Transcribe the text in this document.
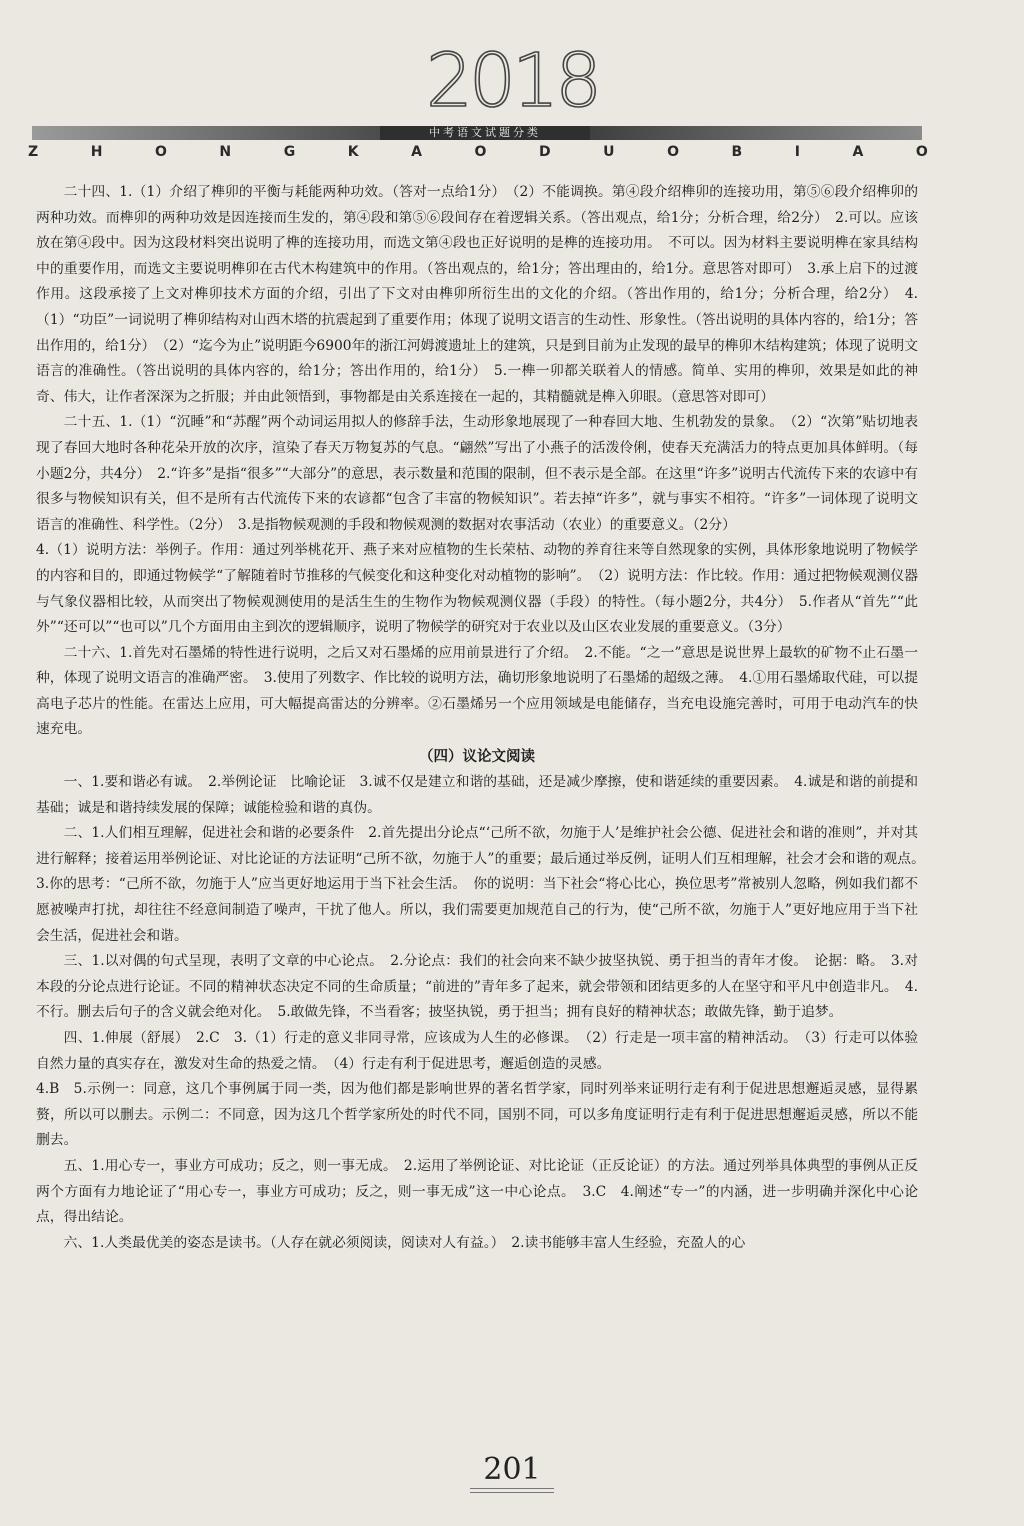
2018
中考语文试题分类
Z	H	O	N	G	K	A	O	D	U	O	B	I	A	O

二十四、1.（1）介绍了榫卯的平衡与耗能两种功效。（答对一点给1分）　（2）不能调换。第④段介绍榫卯的连接功用，第⑤⑥段介绍榫卯的两种功效。而榫卯的两种功效是因连接而生发的，第④段和第⑤⑥段间存在着逻辑关系。（答出观点，给1分；分析合理，给2分）　2.可以。应该放在第④段中。因为这段材料突出说明了榫的连接功用，而选文第④段也正好说明的是榫的连接功用。　不可以。因为材料主要说明榫在家具结构中的重要作用，而选文主要说明榫卯在古代木构建筑中的作用。（答出观点的，给1分；答出理由的，给1分。意思答对即可）　3.承上启下的过渡作用。这段承接了上文对榫卯技术方面的介绍，引出了下文对由榫卯所衍生出的文化的介绍。（答出作用的，给1分；分析合理，给2分）　4.（1）“功臣”一词说明了榫卯结构对山西木塔的抗震起到了重要作用；体现了说明文语言的生动性、形象性。（答出说明的具体内容的，给1分；答出作用的，给1分）　（2）“迄今为止”说明距今6900年的浙江河姆渡遗址上的建筑，只是到目前为止发现的最早的榫卯木结构建筑；体现了说明文语言的准确性。（答出说明的具体内容的，给1分；答出作用的，给1分）　5.一榫一卯都关联着人的情感。简单、实用的榫卯，效果是如此的神奇、伟大，让作者深深为之折服；并由此领悟到，事物都是由关系连接在一起的，其精髓就是榫入卯眼。（意思答对即可）

二十五、1.（1）“沉睡”和“苏醒”两个动词运用拟人的修辞手法，生动形象地展现了一种春回大地、生机勃发的景象。　（2）“次第”贴切地表现了春回大地时各种花朵开放的次序，渲染了春天万物复苏的气息。“翩然”写出了小燕子的活泼伶俐，使春天充满活力的特点更加具体鲜明。（每小题2分，共4分）　2.“许多”是指“很多”“大部分”的意思，表示数量和范围的限制，但不表示是全部。在这里“许多”说明古代流传下来的农谚中有很多与物候知识有关，但不是所有古代流传下来的农谚都“包含了丰富的物候知识”。若去掉“许多”，就与事实不相符。“许多”一词体现了说明文语言的准确性、科学性。（2分）　3.是指物候观测的手段和物候观测的数据对农事活动（农业）的重要意义。（2分）

4.（1）说明方法：举例子。作用：通过列举桃花开、燕子来对应植物的生长荣枯、动物的养育往来等自然现象的实例，具体形象地说明了物候学的内容和目的，即通过物候学“了解随着时节推移的气候变化和这种变化对动植物的影响”。　（2）说明方法：作比较。作用：通过把物候观测仪器与气象仪器相比较，从而突出了物候观测使用的是活生生的生物作为物候观测仪器（手段）的特性。（每小题2分，共4分）　5.作者从“首先”“此外”“还可以”“也可以”几个方面用由主到次的逻辑顺序，说明了物候学的研究对于农业以及山区农业发展的重要意义。（3分）

二十六、1.首先对石墨烯的特性进行说明，之后又对石墨烯的应用前景进行了介绍。　2.不能。“之一”意思是说世界上最软的矿物不止石墨一种，体现了说明文语言的准确严密。　3.使用了列数字、作比较的说明方法，确切形象地说明了石墨烯的超级之薄。　4.①用石墨烯取代硅，可以提高电子芯片的性能。在雷达上应用，可大幅提高雷达的分辨率。②石墨烯另一个应用领域是电能储存，当充电设施完善时，可用于电动汽车的快速充电。

（四）议论文阅读

一、1.要和谐必有诚。　2.举例论证　比喻论证　3.诚不仅是建立和谐的基础，还是减少摩擦，使和谐延续的重要因素。　4.诚是和谐的前提和基础；诚是和谐持续发展的保障；诚能检验和谐的真伪。

二、1.人们相互理解，促进社会和谐的必要条件　2.首先提出分论点“‘己所不欲，勿施于人’是维护社会公德、促进社会和谐的准则”，并对其进行解释；接着运用举例论证、对比论证的方法证明“己所不欲，勿施于人”的重要；最后通过举反例，证明人们互相理解，社会才会和谐的观点。　3.你的思考：“己所不欲，勿施于人”应当更好地运用于当下社会生活。　你的说明：当下社会“将心比心，换位思考”常被别人忽略，例如我们都不愿被噪声打扰，却往往不经意间制造了噪声，干扰了他人。所以，我们需要更加规范自己的行为，使“己所不欲，勿施于人”更好地应用于当下社会生活，促进社会和谐。

三、1.以对偶的句式呈现，表明了文章的中心论点。　2.分论点：我们的社会向来不缺少披坚执锐、勇于担当的青年才俊。　论据：略。　3.对本段的分论点进行论证。不同的精神状态决定不同的生命质量；“前进的”青年多了起来，就会带领和团结更多的人在坚守和平凡中创造非凡。　4.不行。删去后句子的含义就会绝对化。　5.敢做先锋，不当看客；披坚执锐，勇于担当；拥有良好的精神状态；敢做先锋，勤于追梦。

四、1.伸展（舒展）　2.C　3.（1）行走的意义非同寻常，应该成为人生的必修课。　（2）行走是一项丰富的精神活动。　（3）行走可以体验自然力量的真实存在，激发对生命的热爱之情。　（4）行走有利于促进思考，邂逅创造的灵感。

4.B　5.示例一：同意，这几个事例属于同一类，因为他们都是影响世界的著名哲学家，同时列举来证明行走有利于促进思想邂逅灵感，显得累赘，所以可以删去。示例二：不同意，因为这几个哲学家所处的时代不同，国别不同，可以多角度证明行走有利于促进思想邂逅灵感，所以不能删去。

五、1.用心专一，事业方可成功；反之，则一事无成。　2.运用了举例论证、对比论证（正反论证）的方法。通过列举具体典型的事例从正反两个方面有力地论证了“用心专一，事业方可成功；反之，则一事无成”这一中心论点。　3.C　4.阐述“专一”的内涵，进一步明确并深化中心论点，得出结论。

六、1.人类最优美的姿态是读书。（人存在就必须阅读，阅读对人有益。）　2.读书能够丰富人生经验，充盈人的心

201
